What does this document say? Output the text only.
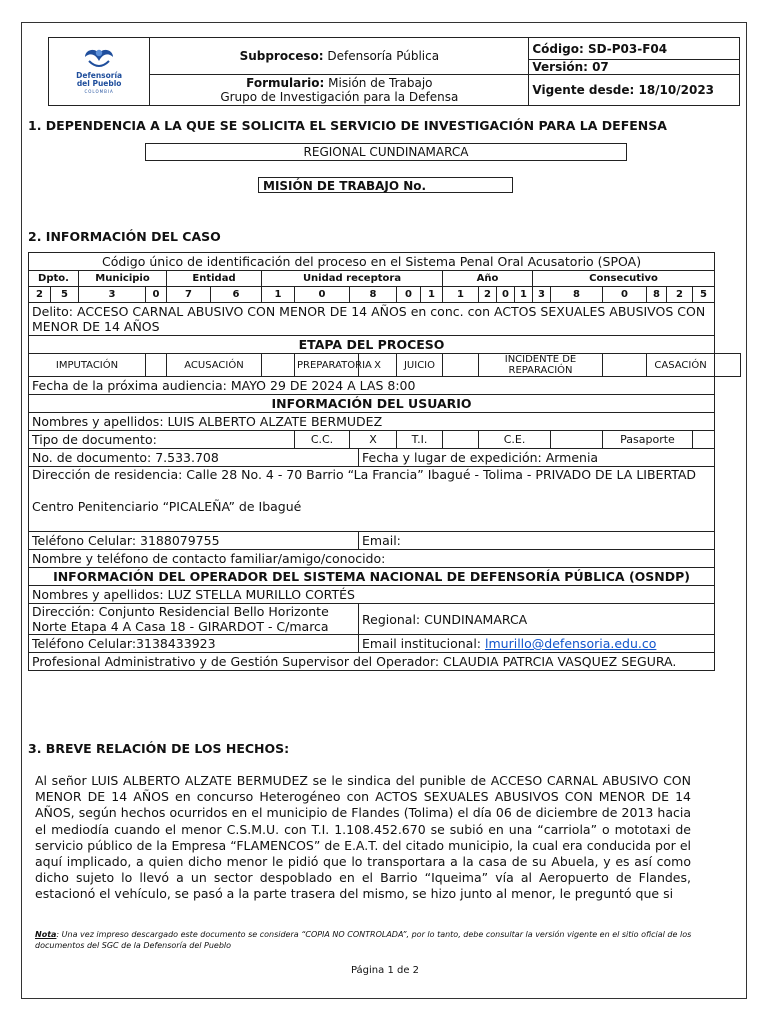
Defensoría
del Pueblo
COLOMBIA	Subproceso: Defensoría Pública	Código: SD-P03-F04
		Versión: 07

	Formulario: Misión de Trabajo
Grupo de Investigación para la Defensa	Vigente desde: 18/10/2023
1. DEPENDENCIA A LA QUE SE SOLICITA EL SERVICIO DE INVESTIGACIÓN PARA LA DEFENSA
REGIONAL CUNDINAMARCA
MISIÓN DE TRABAJO No.
2. INFORMACIÓN DEL CASO
Código único de identificación del proceso en el Sistema Penal Oral Acusatorio (SPOA)																						
Dpto.		Municipio		Entidad		Unidad receptora						Año				Consecutivo						
2	5	3	0	7	6	1	0	8		0	1	1	2	0	1	3	8	0	8	2	5	
Delito: ACCESO CARNAL ABUSIVO CON MENOR DE 14 AÑOS en conc. con ACTOS SEXUALES ABUSIVOS CON MENOR DE 14 AÑOS																						
ETAPA DEL PROCESO																						
IMPUTACIÓN				ACUSACIÓN			PREPARATORIA		X	JUICIO			INCIDENTE DE REPARACIÓN						CASACIÓN			
Fecha de la próxima audiencia: MAYO 29 DE 2024 A LAS 8:00																						
INFORMACIÓN DEL USUARIO																						
Nombres y apellidos: LUIS ALBERTO ALZATE BERMUDEZ																						
Tipo de documento:							C.C.	X		T.I.			C.E.					Pasaporte				
No. de documento: 7.533.708									Fecha y lugar de expedición: Armenia													

Dirección de residencia: Calle 28 No. 4 - 70 Barrio “La Francia” Ibagué - Tolima - PRIVADO DE LA LIBERTAD
Centro Penitenciario “PICALEÑA” de Ibagué																						

Teléfono Celular: 3188079755									Email:													
Nombre y teléfono de contacto familiar/amigo/conocido:																						
INFORMACIÓN DEL OPERADOR DEL SISTEMA NACIONAL DE DEFENSORÍA PÚBLICA (OSNDP)																						
Nombres y apellidos: LUZ STELLA MURILLO CORTÉS																						

Dirección: Conjunto Residencial Bello Horizonte
Norte Etapa 4 A Casa 18 - GIRARDOT - C/marca									Regional: CUNDINAMARCA													
Teléfono Celular:3138433923									Email institucional: lmurillo@defensoria.edu.co													
Profesional Administrativo y de Gestión Supervisor del Operador: CLAUDIA PATRCIA VASQUEZ SEGURA.																						
3. BREVE RELACIÓN DE LOS HECHOS:

Al señor LUIS ALBERTO ALZATE BERMUDEZ se le sindica del punible de ACCESO CARNAL ABUSIVO CON MENOR DE 14 AÑOS en concurso Heterogéneo con ACTOS SEXUALES ABUSIVOS CON MENOR DE 14 AÑOS, según hechos ocurridos en el municipio de Flandes (Tolima) el día 06 de diciembre de 2013 hacia el mediodía cuando el menor C.S.M.U. con T.I. 1.108.452.670 se subió en una “carriola” o mototaxi de servicio público de la Empresa “FLAMENCOS” de E.A.T. del citado municipio, la cual era conducida por el aquí implicado, a quien dicho menor le pidió que lo transportara a la casa de su Abuela, y es así como dicho sujeto lo llevó a un sector despoblado en el Barrio “Iqueima” vía al Aeropuerto de Flandes, estacionó el vehículo, se pasó a la parte trasera del mismo, se hizo junto al menor, le preguntó que si

Nota: Una vez impreso descargado este documento se considera “COPIA NO CONTROLADA”, por lo tanto, debe consultar la versión vigente en el sitio oficial de los documentos del SGC de la Defensoría del Pueblo
Página 1 de 2
